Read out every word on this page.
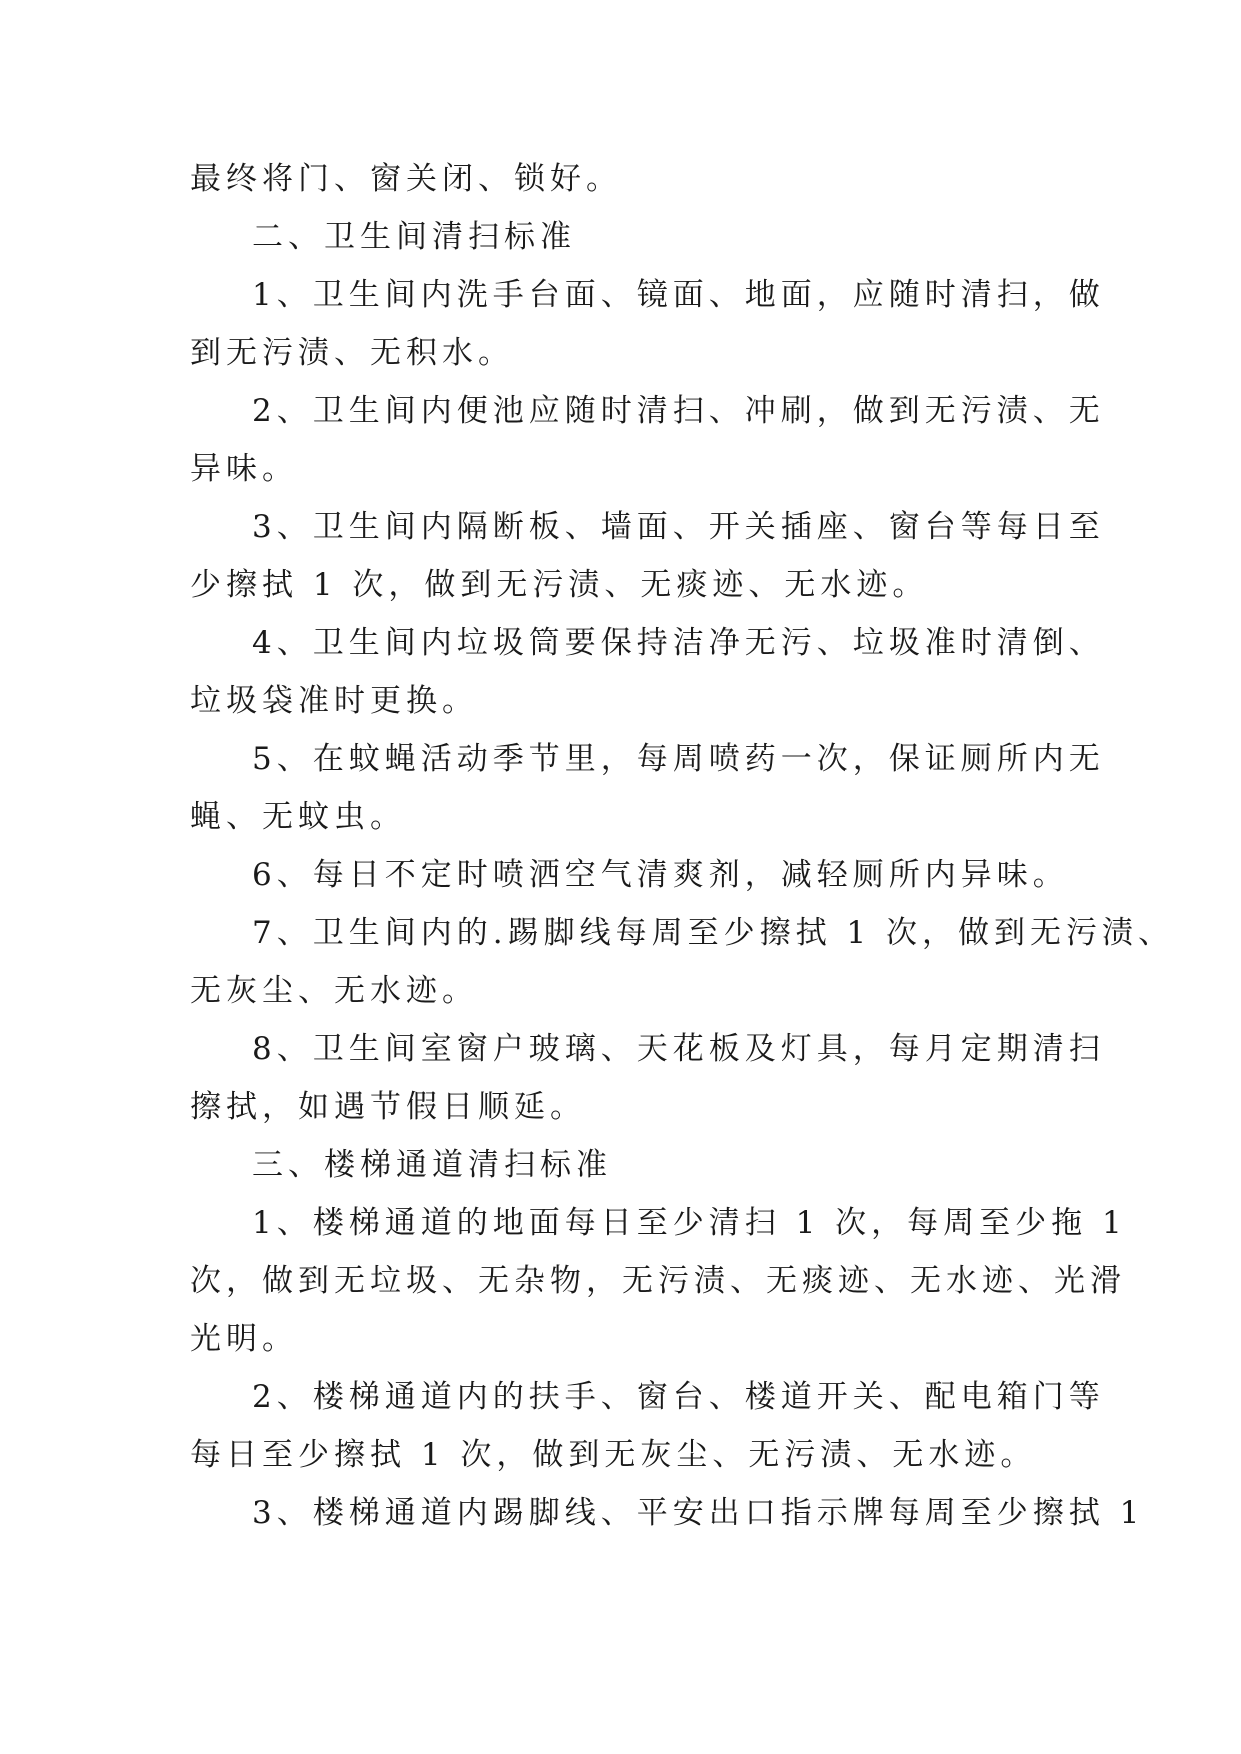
最终将门、窗关闭、锁好。
二、卫生间清扫标准
1、卫生间内洗手台面、镜面、地面，应随时清扫，做
到无污渍、无积水。
2、卫生间内便池应随时清扫、冲刷，做到无污渍、无
异味。
3、卫生间内隔断板、墙面、开关插座、窗台等每日至
少擦拭 1 次，做到无污渍、无痰迹、无水迹。
4、卫生间内垃圾筒要保持洁净无污、垃圾准时清倒、
垃圾袋准时更换。
5、在蚊蝇活动季节里，每周喷药一次，保证厕所内无
蝇、无蚊虫。
6、每日不定时喷洒空气清爽剂，减轻厕所内异味。
7、卫生间内的.踢脚线每周至少擦拭 1 次，做到无污渍、
无灰尘、无水迹。
8、卫生间室窗户玻璃、天花板及灯具，每月定期清扫
擦拭，如遇节假日顺延。
三、楼梯通道清扫标准
1、楼梯通道的地面每日至少清扫 1 次，每周至少拖 1
次，做到无垃圾、无杂物，无污渍、无痰迹、无水迹、光滑
光明。
2、楼梯通道内的扶手、窗台、楼道开关、配电箱门等
每日至少擦拭 1 次，做到无灰尘、无污渍、无水迹。
3、楼梯通道内踢脚线、平安出口指示牌每周至少擦拭 1
